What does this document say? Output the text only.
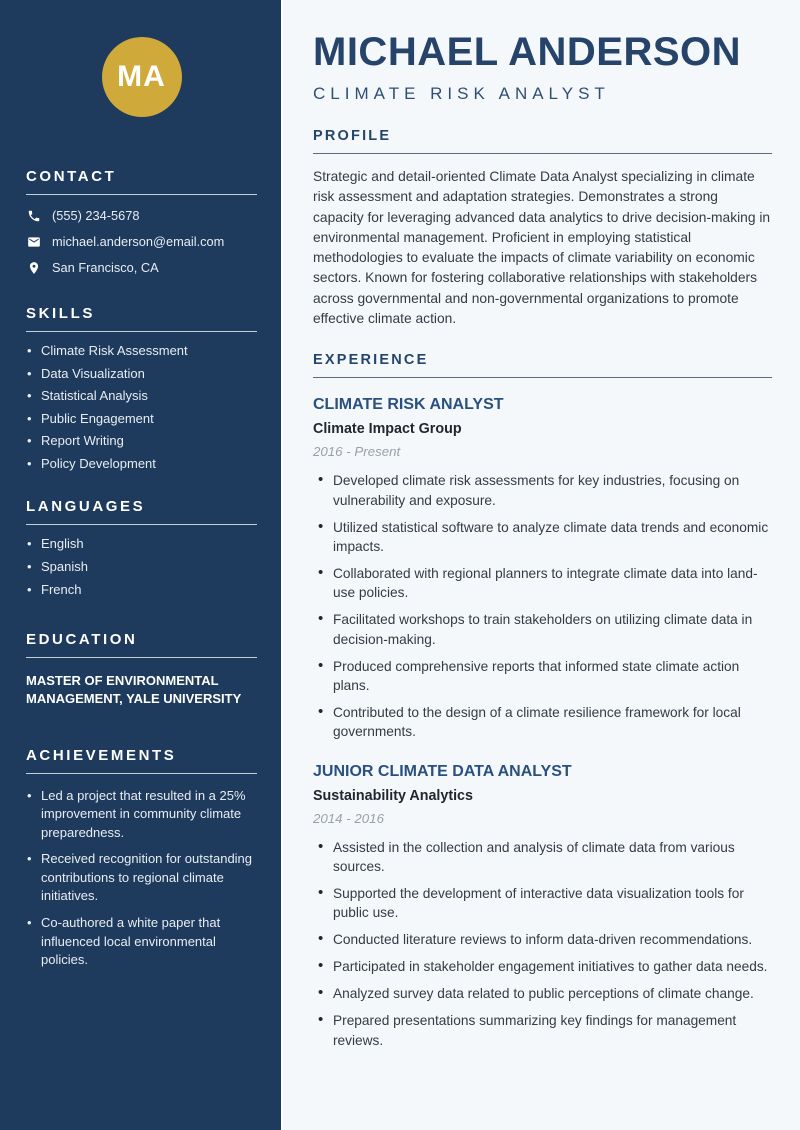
MA
CONTACT
(555) 234-5678
michael.anderson@email.com
San Francisco, CA
SKILLS
• Climate Risk Assessment
• Data Visualization
• Statistical Analysis
• Public Engagement
• Report Writing
• Policy Development
LANGUAGES
• English
• Spanish
• French
EDUCATION

MASTER OF ENVIRONMENTAL MANAGEMENT, YALE UNIVERSITY

ACHIEVEMENTS
• Led a project that resulted in a 25% improvement in community climate preparedness.
• Received recognition for outstanding contributions to regional climate initiatives.
• Co-authored a white paper that influenced local environmental policies.
MICHAEL ANDERSON
CLIMATE RISK ANALYST
PROFILE

Strategic and detail-oriented Climate Data Analyst specializing in climate risk assessment and adaptation strategies. Demonstrates a strong capacity for leveraging advanced data analytics to drive decision-making in environmental management. Proficient in employing statistical methodologies to evaluate the impacts of climate variability on economic sectors. Known for fostering collaborative relationships with stakeholders across governmental and non-governmental organizations to promote effective climate action.

EXPERIENCE
CLIMATE RISK ANALYST
Climate Impact Group
2016 - Present
• Developed climate risk assessments for key industries, focusing on vulnerability and exposure.
• Utilized statistical software to analyze climate data trends and economic impacts.
• Collaborated with regional planners to integrate climate data into land-use policies.
• Facilitated workshops to train stakeholders on utilizing climate data in decision-making.
• Produced comprehensive reports that informed state climate action plans.
• Contributed to the design of a climate resilience framework for local governments.
JUNIOR CLIMATE DATA ANALYST
Sustainability Analytics
2014 - 2016
• Assisted in the collection and analysis of climate data from various sources.
• Supported the development of interactive data visualization tools for public use.
• Conducted literature reviews to inform data-driven recommendations.
• Participated in stakeholder engagement initiatives to gather data needs.
• Analyzed survey data related to public perceptions of climate change.
• Prepared presentations summarizing key findings for management reviews.
